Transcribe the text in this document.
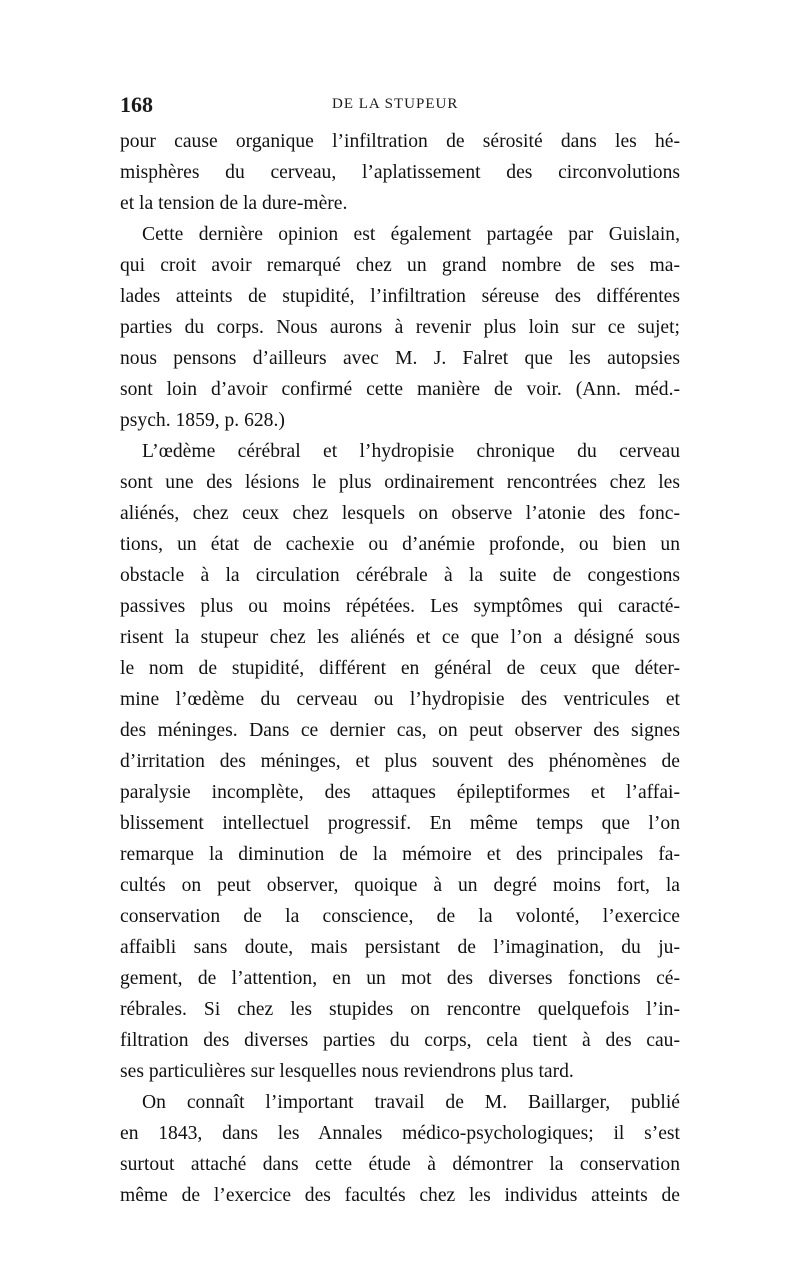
168	DE LA STUPEUR
pour cause organique l’infiltration de sérosité dans les hé-
misphères du cerveau, l’aplatissement des circonvolutions
et la tension de la dure-mère.
Cette dernière opinion est également partagée par Guislain,
qui croit avoir remarqué chez un grand nombre de ses ma-
lades atteints de stupidité, l’infiltration séreuse des différentes
parties du corps. Nous aurons à revenir plus loin sur ce sujet;
nous pensons d’ailleurs avec M. J. Falret que les autopsies
sont loin d’avoir confirmé cette manière de voir. (Ann. méd.-
psych. 1859, p. 628.)
L’œdème cérébral et l’hydropisie chronique du cerveau
sont une des lésions le plus ordinairement rencontrées chez les
aliénés, chez ceux chez lesquels on observe l’atonie des fonc-
tions, un état de cachexie ou d’anémie profonde, ou bien un
obstacle à la circulation cérébrale à la suite de congestions
passives plus ou moins répétées. Les symptômes qui caracté-
risent la stupeur chez les aliénés et ce que l’on a désigné sous
le nom de stupidité, différent en général de ceux que déter-
mine l’œdème du cerveau ou l’hydropisie des ventricules et
des méninges. Dans ce dernier cas, on peut observer des signes
d’irritation des méninges, et plus souvent des phénomènes de
paralysie incomplète, des attaques épileptiformes et l’affai-
blissement intellectuel progressif. En même temps que l’on
remarque la diminution de la mémoire et des principales fa-
cultés on peut observer, quoique à un degré moins fort, la
conservation de la conscience, de la volonté, l’exercice
affaibli sans doute, mais persistant de l’imagination, du ju-
gement, de l’attention, en un mot des diverses fonctions cé-
rébrales. Si chez les stupides on rencontre quelquefois l’in-
filtration des diverses parties du corps, cela tient à des cau-
ses particulières sur lesquelles nous reviendrons plus tard.
On connaît l’important travail de M. Baillarger, publié
en 1843, dans les Annales médico-psychologiques; il s’est
surtout attaché dans cette étude à démontrer la conservation
même de l’exercice des facultés chez les individus atteints de
